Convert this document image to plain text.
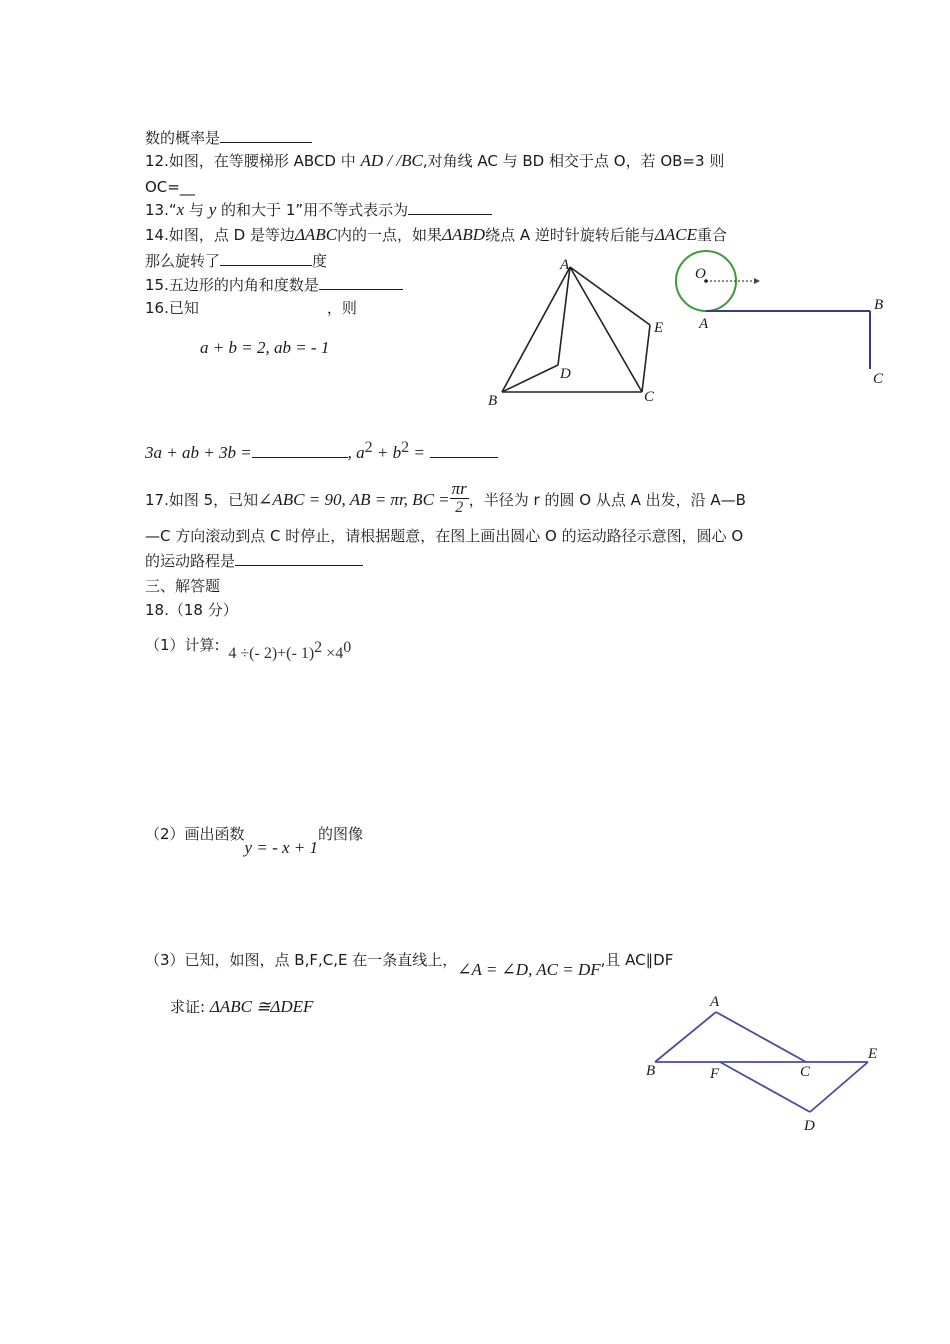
数的概率是
12.如图，在等腰梯形 ABCD 中 AD / /BC,对角线 AC 与 BD 相交于点 O，若 OB=3 则
OC=__
13.“x 与 y 的和大于 1”用不等式表示为
14.如图，点 D 是等边ΔABC内的一点，如果ΔABD绕点 A 逆时针旋转后能与ΔACE重合
那么旋转了	度
15.五边形的内角和度数是
16.已知	，则
a + b = 2, ab = - 1
3a + ab + 3b =	, $a^2 + b^2$ =
A
E
D
B	C
O
A
B
C
17.如图 5，已知∠ABC = 90, AB = πr, BC = $\frac{\pi r}{2}$ ，半径为 r 的圆 O 从点 A 出发，沿 A—B
—C 方向滚动到点 C 时停止，请根据题意，在图上画出圆心 O 的运动路径示意图，圆心 O
的运动路程是
三、解答题
18.（18 分）
（1）计算: 4 ÷(- 2)+(- $1)^2 \times 4^0$
（2）画出函数y = - x + 1的图像
（3）已知，如图，点 B,F,C,E 在一条直线上，∠A = ∠D, AC = DF,且 AC∥DF
求证: ΔABC ≅ΔDEF	A
B	F	C
E
D
